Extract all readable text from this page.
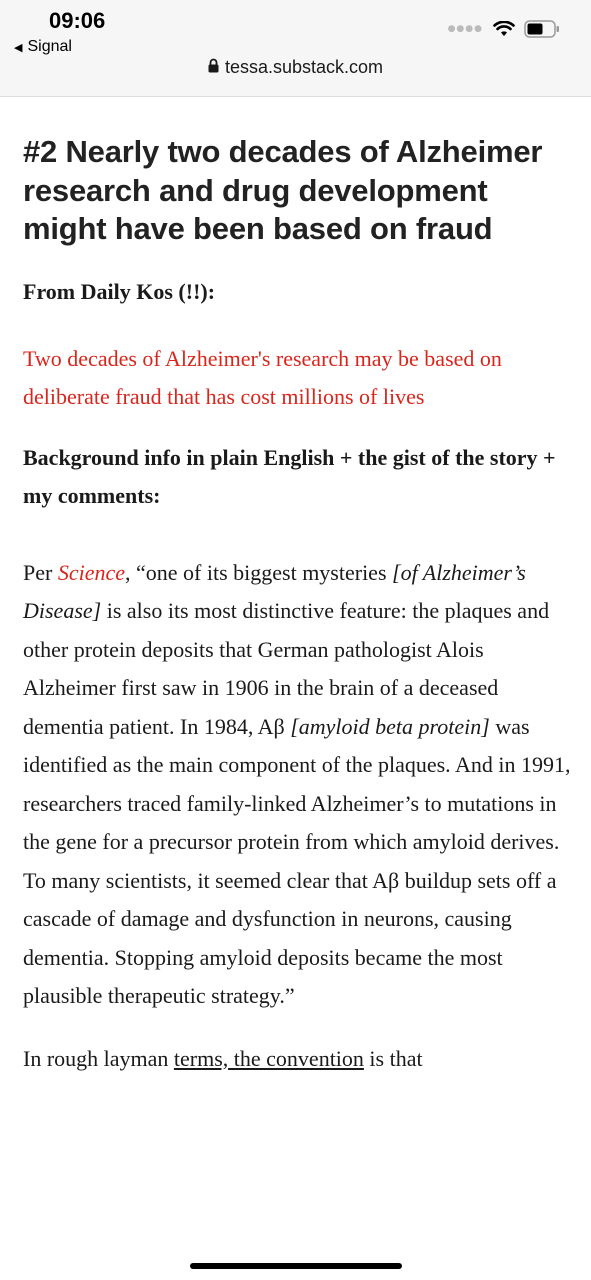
09:06
◀ Signal
●●●●
tessa.substack.com
#2 Nearly two decades of Alzheimer research and drug development might have been based on fraud

From Daily Kos (!!):

Two decades of Alzheimer's research may be based on deliberate fraud that has cost millions of lives

Background info in plain English + the gist of the story + my comments:

Per Science, “one of its biggest mysteries [of Alzheimer’s Disease] is also its most distinctive feature: the plaques and other protein deposits that German pathologist Alois Alzheimer first saw in 1906 in the brain of a deceased dementia patient. In 1984, Aβ [amyloid beta protein] was identified as the main component of the plaques. And in 1991, researchers traced family-linked Alzheimer’s to mutations in the gene for a precursor protein from which amyloid derives. To many scientists, it seemed clear that Aβ buildup sets off a cascade of damage and dysfunction in neurons, causing dementia. Stopping amyloid deposits became the most plausible therapeutic strategy.”

In rough layman terms, the convention is that
